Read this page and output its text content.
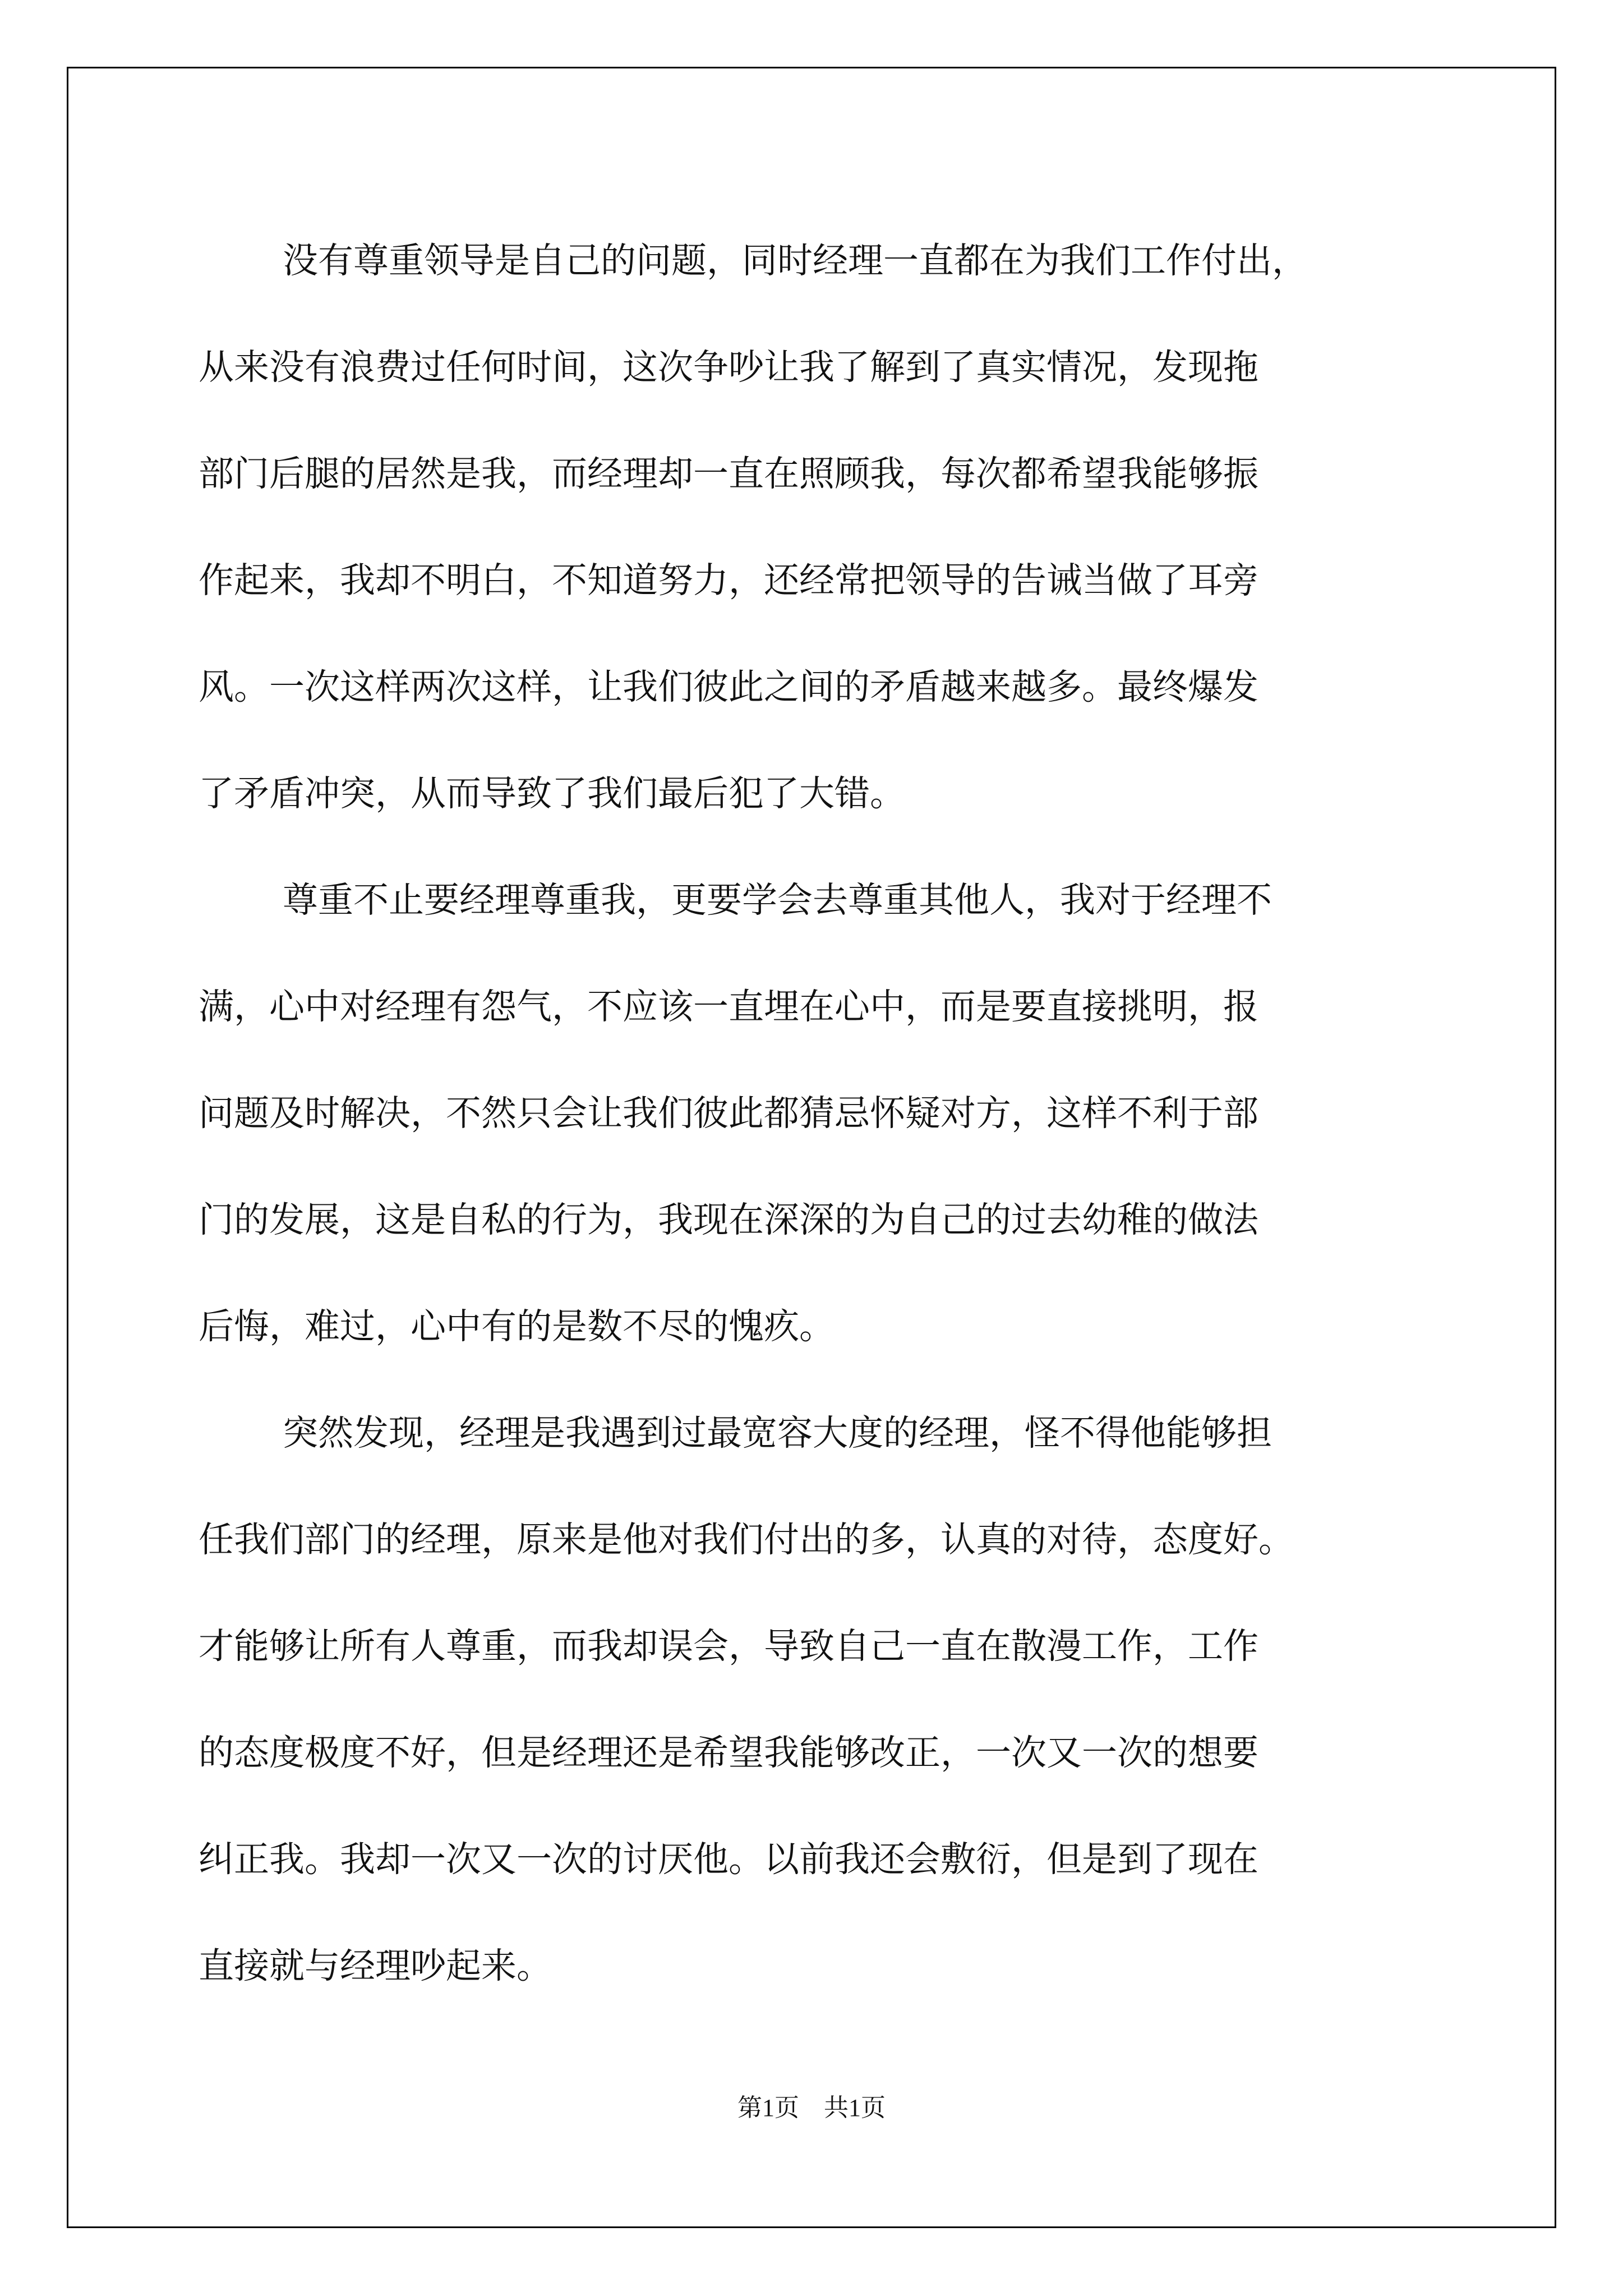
没有尊重领导是自己的问题，同时经理一直都在为我们工作付出，
从来没有浪费过任何时间，这次争吵让我了解到了真实情况，发现拖
部门后腿的居然是我，而经理却一直在照顾我，每次都希望我能够振
作起来，我却不明白，不知道努力，还经常把领导的告诫当做了耳旁
风。一次这样两次这样，让我们彼此之间的矛盾越来越多。最终爆发
了矛盾冲突，从而导致了我们最后犯了大错。
尊重不止要经理尊重我，更要学会去尊重其他人，我对于经理不
满，心中对经理有怨气，不应该一直埋在心中，而是要直接挑明，报
问题及时解决，不然只会让我们彼此都猜忌怀疑对方，这样不利于部
门的发展，这是自私的行为，我现在深深的为自己的过去幼稚的做法
后悔，难过，心中有的是数不尽的愧疚。
突然发现，经理是我遇到过最宽容大度的经理，怪不得他能够担
任我们部门的经理，原来是他对我们付出的多，认真的对待，态度好。
才能够让所有人尊重，而我却误会，导致自己一直在散漫工作，工作
的态度极度不好，但是经理还是希望我能够改正，一次又一次的想要
纠正我。我却一次又一次的讨厌他。以前我还会敷衍，但是到了现在
直接就与经理吵起来。
第1页　共1页
